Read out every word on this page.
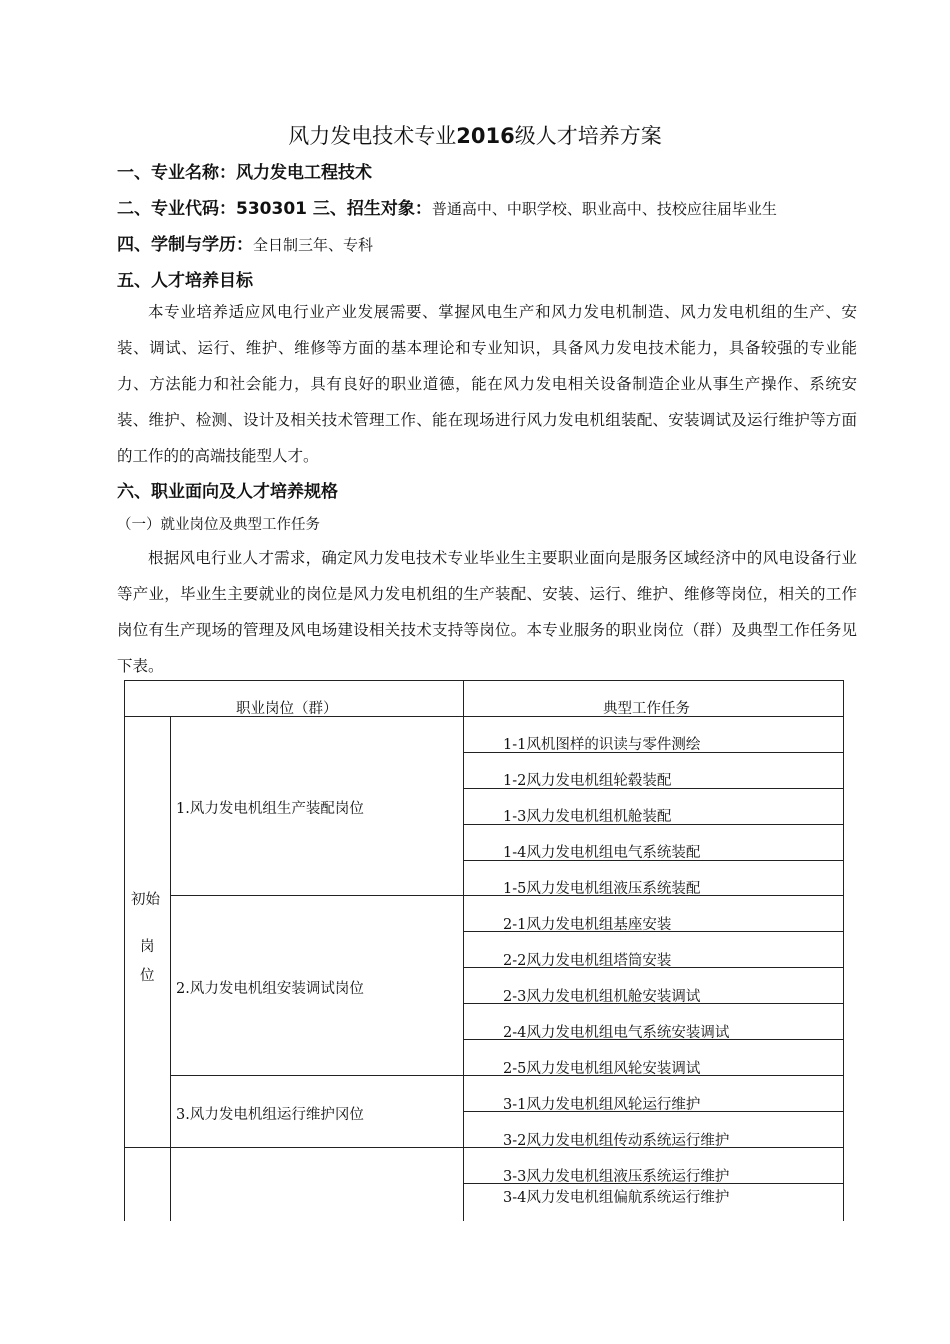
风力发电技术专业2016级人才培养方案
一、专业名称：风力发电工程技术
二、专业代码：530301 三、招生对象：普通高中、中职学校、职业高中、技校应往届毕业生
四、学制与学历：全日制三年、专科
五、人才培养目标
本专业培养适应风电行业产业发展需要、掌握风电生产和风力发电机制造、风力发电机组的生产、安装、调试、运行、维护、维修等方面的基本理论和专业知识，具备风力发电技术能力，具备较强的专业能力、方法能力和社会能力，具有良好的职业道德，能在风力发电相关设备制造企业从事生产操作、系统安装、维护、检测、设计及相关技术管理工作、能在现场进行风力发电机组装配、安装调试及运行维护等方面的工作的的高端技能型人才。
六、职业面向及人才培养规格
（一）就业岗位及典型工作任务
根据风电行业人才需求，确定风力发电技术专业毕业生主要职业面向是服务区域经济中的风电设备行业等产业，毕业生主要就业的岗位是风力发电机组的生产装配、安装、运行、维护、维修等岗位，相关的工作岗位有生产现场的管理及风电场建设相关技术支持等岗位。本专业服务的职业岗位（群）及典型工作任务见下表。
职业岗位（群）	典型工作任务
初始
岗
位
1.风力发电机组生产装配岗位
2.风力发电机组安装调试岗位
3.风力发电机组运行维护冈位
1-1风机图样的识读与零件测绘
1-2风力发电机组轮毂装配
1-3风力发电机组机舱装配
1-4风力发电机组电气系统装配
1-5风力发电机组液压系统装配
2-1风力发电机组基座安装
2-2风力发电机组塔筒安装
2-3风力发电机组机舱安装调试
2-4风力发电机组电气系统安装调试
2-5风力发电机组风轮安装调试
3-1风力发电机组风轮运行维护
3-2风力发电机组传动系统运行维护
3-3风力发电机组液压系统运行维护
3-4风力发电机组偏航系统运行维护
